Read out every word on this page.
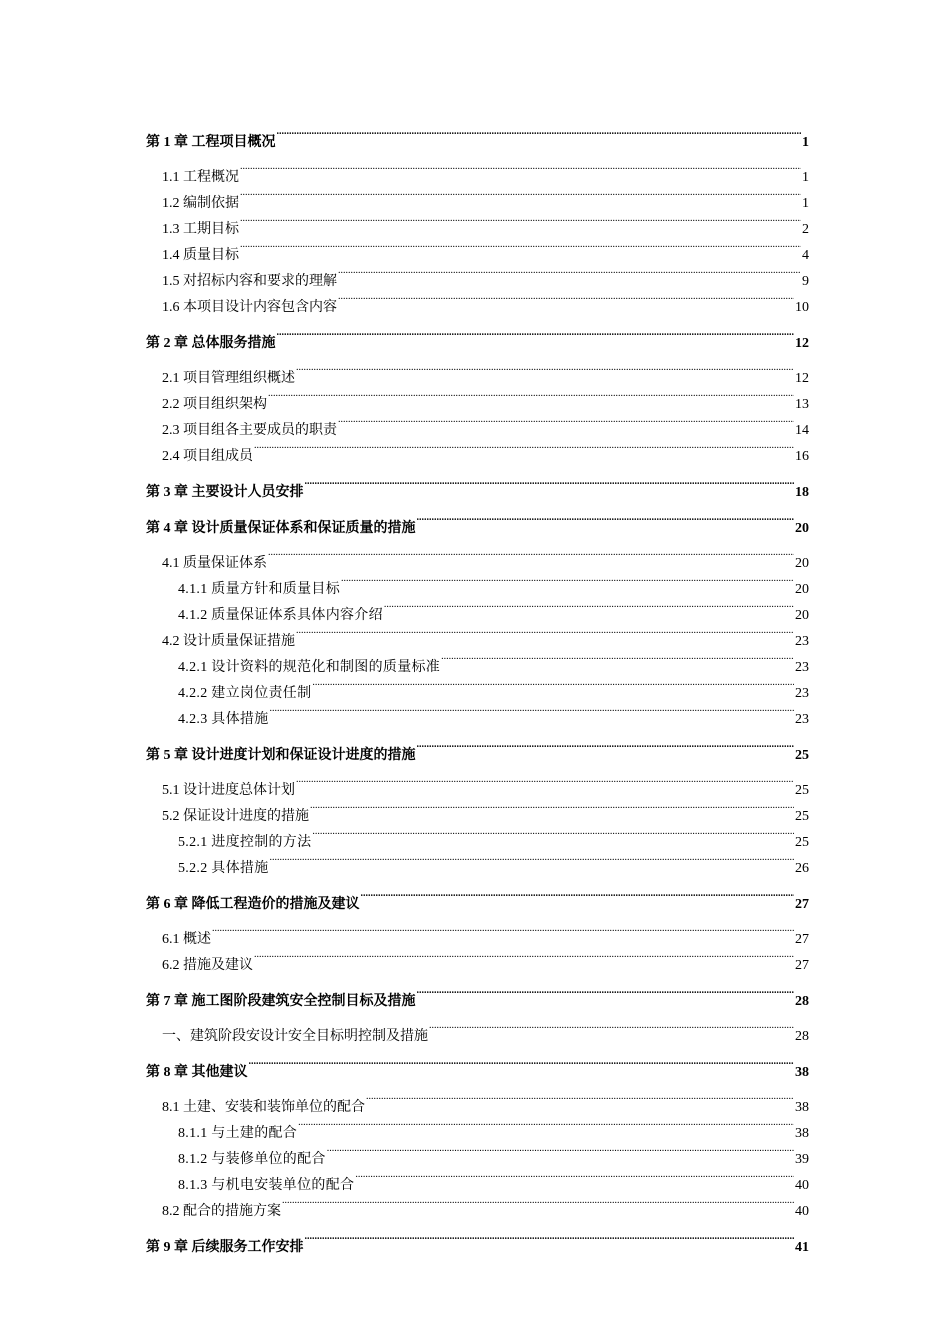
第 1 章 工程项目概况 .....	1
1.1 工程概况 .....	1
1.2 编制依据 .....	1
1.3 工期目标 .....	2
1.4 质量目标 .....	4
1.5 对招标内容和要求的理解 .....	9
1.6 本项目设计内容包含内容 .....	10
第 2 章 总体服务措施 .....	12
2.1 项目管理组织概述 .....	12
2.2 项目组织架构 .....	13
2.3 项目组各主要成员的职责 .....	14
2.4 项目组成员 .....	16
第 3 章 主要设计人员安排 .....	18
第 4 章 设计质量保证体系和保证质量的措施 .....	20
4.1 质量保证体系 .....	20
4.1.1 质量方针和质量目标 .....	20
4.1.2 质量保证体系具体内容介绍 .....	20
4.2 设计质量保证措施 .....	23
4.2.1 设计资料的规范化和制图的质量标准 .....	23
4.2.2 建立岗位责任制 .....	23
4.2.3 具体措施 .....	23
第 5 章 设计进度计划和保证设计进度的措施 .....	25
5.1 设计进度总体计划 .....	25
5.2 保证设计进度的措施 .....	25
5.2.1 进度控制的方法 .....	25
5.2.2 具体措施 .....	26
第 6 章 降低工程造价的措施及建议 .....	27
6.1 概述 .....	27
6.2 措施及建议 .....	27
第 7 章 施工图阶段建筑安全控制目标及措施 .....	28
一、建筑阶段安设计安全目标明控制及措施 .....	28
第 8 章 其他建议 .....	38
8.1 土建、安装和装饰单位的配合 .....	38
8.1.1 与土建的配合 .....	38
8.1.2 与装修单位的配合 .....	39
8.1.3 与机电安装单位的配合 .....	40
8.2 配合的措施方案 .....	40
第 9 章 后续服务工作安排 .....	41
